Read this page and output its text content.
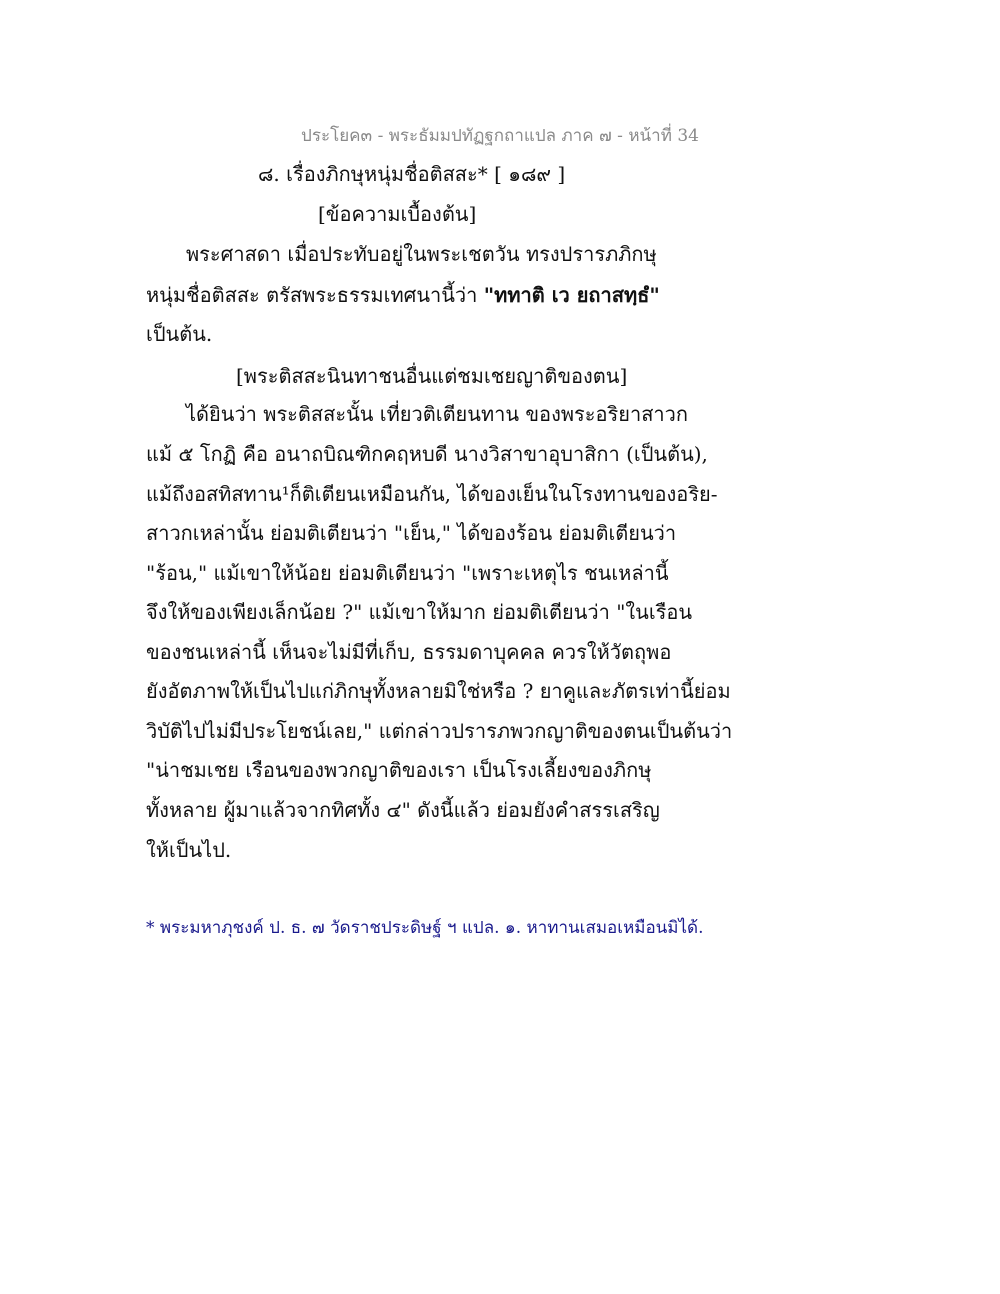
ประโยค๓ - พระธัมมปทัฏฐกถาแปล ภาค ๗ - หน้าที่ 34
๘. เรื่องภิกษุหนุ่มชื่อติสสะ* [ ๑๘๙ ]
[ข้อความเบื้องต้น]
พระศาสดา เมื่อประทับอยู่ในพระเชตวัน ทรงปรารภภิกษุ
หนุ่มชื่อติสสะ ตรัสพระธรรมเทศนานี้ว่า "ททาติ เว ยถาสทฺธํ"
เป็นต้น.
[พระติสสะนินทาชนอื่นแต่ชมเชยญาติของตน]
ได้ยินว่า พระติสสะนั้น เที่ยวติเตียนทาน ของพระอริยาสาวก
แม้ ๕ โกฏิ คือ อนาถบิณฑิกคฤหบดี นางวิสาขาอุบาสิกา (เป็นต้น),
แม้ถึงอสทิสทาน¹ก็ติเตียนเหมือนกัน, ได้ของเย็นในโรงทานของอริย-
สาวกเหล่านั้น ย่อมติเตียนว่า "เย็น," ได้ของร้อน ย่อมติเตียนว่า
"ร้อน," แม้เขาให้น้อย ย่อมติเตียนว่า "เพราะเหตุไร ชนเหล่านี้
จึงให้ของเพียงเล็กน้อย ?" แม้เขาให้มาก ย่อมติเตียนว่า "ในเรือน
ของชนเหล่านี้ เห็นจะไม่มีที่เก็บ, ธรรมดาบุคคล ควรให้วัตถุพอ
ยังอัตภาพให้เป็นไปแก่ภิกษุทั้งหลายมิใช่หรือ ? ยาคูและภัตรเท่านี้ย่อม
วิบัติไปไม่มีประโยชน์เลย," แต่กล่าวปรารภพวกญาติของตนเป็นต้นว่า
"น่าชมเชย เรือนของพวกญาติของเรา เป็นโรงเลี้ยงของภิกษุ
ทั้งหลาย ผู้มาแล้วจากทิศทั้ง ๔" ดังนี้แล้ว ย่อมยังคำสรรเสริญ
ให้เป็นไป.
* พระมหาภุชงค์ ป. ธ. ๗ วัดราชประดิษฐ์ ฯ แปล. ๑. หาทานเสมอเหมือนมิได้.
